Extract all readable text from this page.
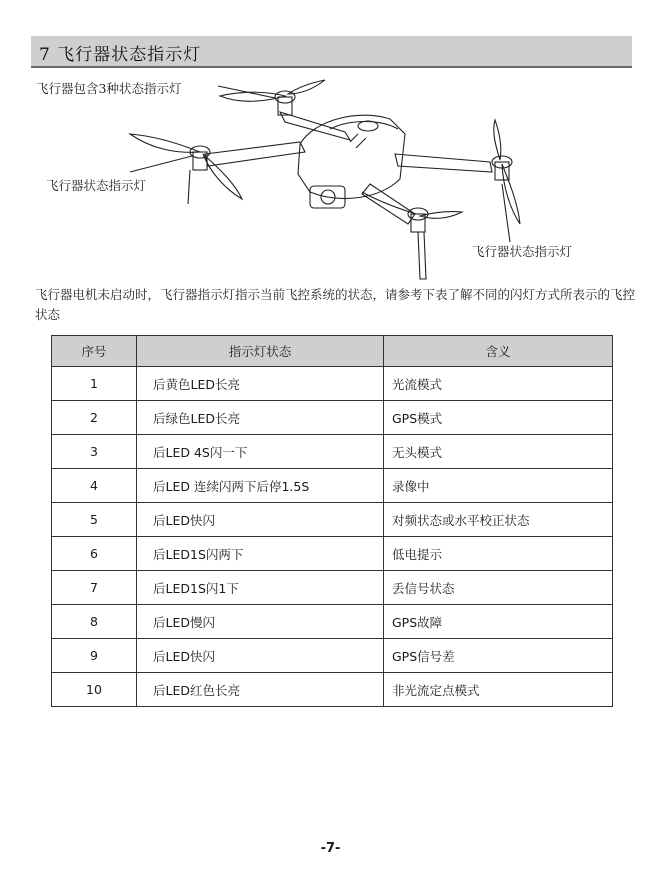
7 飞行器状态指示灯
飞行器包含3种状态指示灯
飞行器状态指示灯
飞行器状态指示灯
飞行器电机未启动时，飞行器指示灯指示当前飞控系统的状态，请参考下表了解不同的闪灯方式所表示的飞控状态
序号	指示灯状态	含义
1	后黄色LED长亮	光流模式
2	后绿色LED长亮	GPS模式
3	后LED 4S闪一下	无头模式
4	后LED 连续闪两下后停1.5S	录像中
5	后LED快闪	对频状态或水平校正状态
6	后LED1S闪两下	低电提示
7	后LED1S闪1下	丢信号状态
8	后LED慢闪	GPS故障
9	后LED快闪	GPS信号差
10	后LED红色长亮	非光流定点模式
-7-
